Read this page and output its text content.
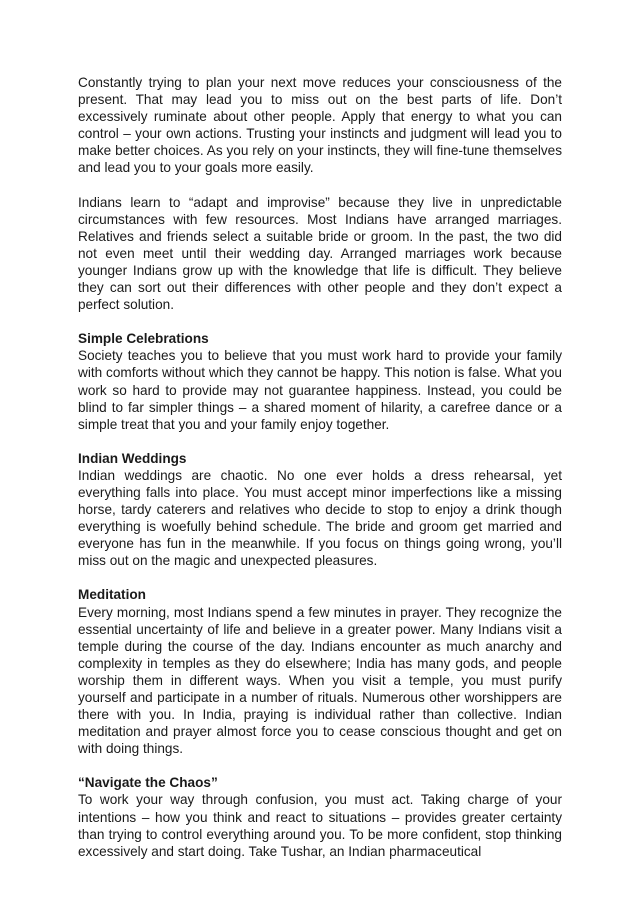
Constantly trying to plan your next move reduces your consciousness of the present. That may lead you to miss out on the best parts of life. Don’t excessively ruminate about other people. Apply that energy to what you can control – your own actions. Trusting your instincts and judgment will lead you to make better choices. As you rely on your instincts, they will fine-tune themselves and lead you to your goals more easily.

Indians learn to “adapt and improvise” because they live in unpredictable circumstances with few resources. Most Indians have arranged marriages. Relatives and friends select a suitable bride or groom. In the past, the two did not even meet until their wedding day. Arranged marriages work because younger Indians grow up with the knowledge that life is difficult. They believe they can sort out their differences with other people and they don’t expect a perfect solution.

Simple Celebrations

Society teaches you to believe that you must work hard to provide your family with comforts without which they cannot be happy. This notion is false. What you work so hard to provide may not guarantee happiness. Instead, you could be blind to far simpler things – a shared moment of hilarity, a carefree dance or a simple treat that you and your family enjoy together.

Indian Weddings

Indian weddings are chaotic. No one ever holds a dress rehearsal, yet everything falls into place. You must accept minor imperfections like a missing horse, tardy caterers and relatives who decide to stop to enjoy a drink though everything is woefully behind schedule. The bride and groom get married and everyone has fun in the meanwhile. If you focus on things going wrong, you’ll miss out on the magic and unexpected pleasures.

Meditation

Every morning, most Indians spend a few minutes in prayer. They recognize the essential uncertainty of life and believe in a greater power. Many Indians visit a temple during the course of the day. Indians encounter as much anarchy and complexity in temples as they do elsewhere; India has many gods, and people worship them in different ways. When you visit a temple, you must purify yourself and participate in a number of rituals. Numerous other worshippers are there with you. In India, praying is individual rather than collective. Indian meditation and prayer almost force you to cease conscious thought and get on with doing things.

“Navigate the Chaos”

To work your way through confusion, you must act. Taking charge of your intentions – how you think and react to situations – provides greater certainty than trying to control everything around you. To be more confident, stop thinking excessively and start doing. Take Tushar, an Indian pharmaceutical
